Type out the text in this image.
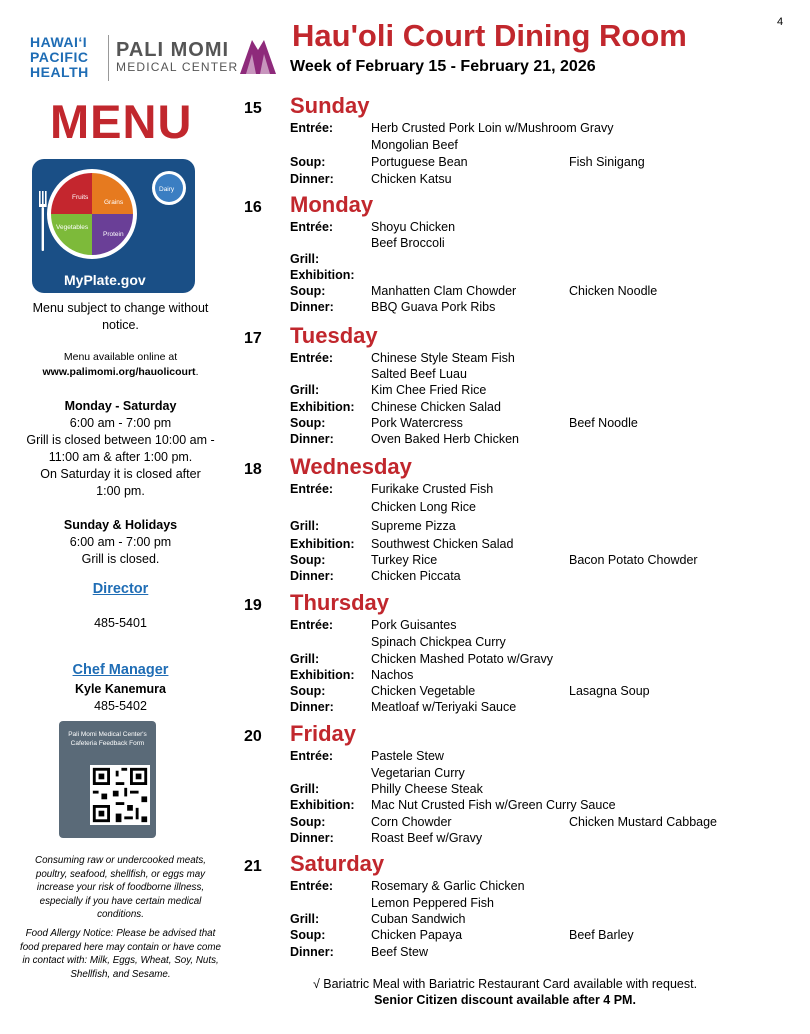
4
HAWAIʻI
PACIFIC
HEALTH
PALI MOMI
MEDICAL CENTER
Hau'oli Court Dining Room
Week of February 15 - February 21, 2026
MENU
Fruits
Grains
Vegetables
Protein
Dairy
MyPlate.gov
Menu subject to change without notice.
Menu available online at
www.palimomi.org/hauolicourt.
Monday - Saturday
6:00 am - 7:00 pm
Grill is closed between 10:00 am -
11:00 am & after 1:00 pm.
On Saturday it is closed after
1:00 pm.
Sunday & Holidays
6:00 am - 7:00 pm
Grill is closed.
Director
485-5401
Chef Manager
Kyle Kanemura
485-5402
Pali Momi Medical Center's Cafeteria Feedback Form
Consuming raw or undercooked meats, poultry, seafood, shellfish, or eggs may increase your risk of foodborne illness, especially if you have certain medical conditions.
Food Allergy Notice: Please be advised that food prepared here may contain or have come in contact with: Milk, Eggs, Wheat, Soy, Nuts, Shellfish, and Sesame.
15 Sunday
Entrée:	Herb Crusted Pork Loin w/Mushroom Gravy
Mongolian Beef
Soup:	Portuguese Bean	Fish Sinigang
Dinner:	Chicken Katsu
16 Monday
Entrée:	Shoyu Chicken
Beef Broccoli
Grill:
Exhibition:
Soup:	Manhatten Clam Chowder	Chicken Noodle
Dinner:	BBQ Guava Pork Ribs
17 Tuesday
Entrée:	Chinese Style Steam Fish
Salted Beef Luau
Grill:	Kim Chee Fried Rice
Exhibition: Chinese Chicken Salad
Soup:	Pork Watercress	Beef Noodle
Dinner:	Oven Baked Herb Chicken
18 Wednesday
Entrée:	Furikake Crusted Fish
Chicken Long Rice
Grill:	Supreme Pizza
Exhibition: Southwest Chicken Salad
Soup:	Turkey Rice	Bacon Potato Chowder
Dinner:	Chicken Piccata
19 Thursday
Entrée:	Pork Guisantes
Spinach Chickpea Curry
Grill:	Chicken Mashed Potato w/Gravy
Exhibition: Nachos
Soup:	Chicken Vegetable	Lasagna Soup
Dinner:	Meatloaf w/Teriyaki Sauce
20 Friday
Entrée:	Pastele Stew
Vegetarian Curry
Grill:	Philly Cheese Steak
Exhibition: Mac Nut Crusted Fish w/Green Curry Sauce
Soup:	Corn Chowder	Chicken Mustard Cabbage
Dinner:	Roast Beef w/Gravy
21 Saturday
Entrée:	Rosemary & Garlic Chicken
Lemon Peppered Fish
Grill:	Cuban Sandwich
Soup:	Chicken Papaya	Beef Barley
Dinner:	Beef Stew
√ Bariatric Meal with Bariatric Restaurant Card available with request.
Senior Citizen discount available after 4 PM.
